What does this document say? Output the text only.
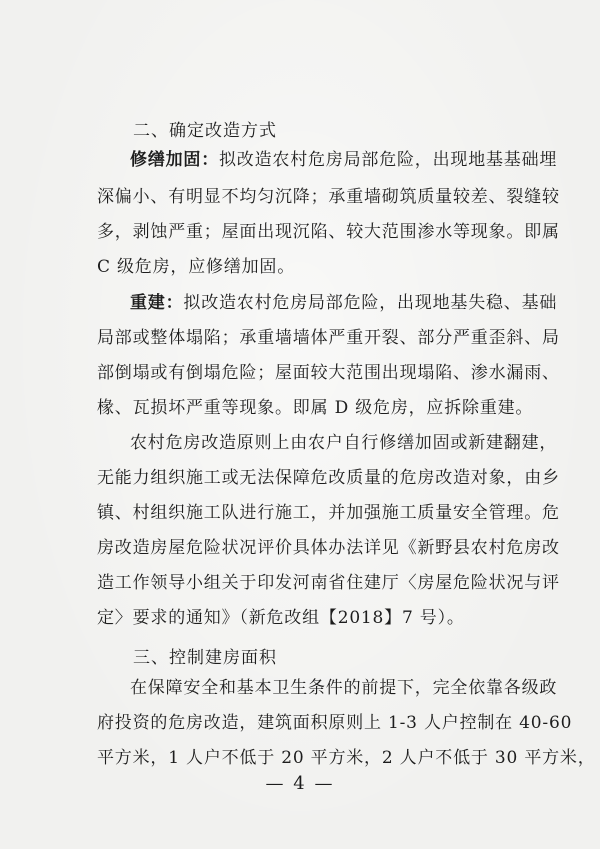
二、确定改造方式
修缮加固：拟改造农村危房局部危险，出现地基基础埋
深偏小、有明显不均匀沉降；承重墙砌筑质量较差、裂缝较
多，剥蚀严重；屋面出现沉陷、较大范围渗水等现象。即属
C 级危房，应修缮加固。
重建：拟改造农村危房局部危险，出现地基失稳、基础
局部或整体塌陷；承重墙墙体严重开裂、部分严重歪斜、局
部倒塌或有倒塌危险；屋面较大范围出现塌陷、渗水漏雨、
椽、瓦损坏严重等现象。即属 D 级危房，应拆除重建。
农村危房改造原则上由农户自行修缮加固或新建翻建，
无能力组织施工或无法保障危改质量的危房改造对象，由乡
镇、村组织施工队进行施工，并加强施工质量安全管理。危
房改造房屋危险状况评价具体办法详见《新野县农村危房改
造工作领导小组关于印发河南省住建厅〈房屋危险状况与评
定〉要求的通知》（新危改组【2018】7 号）。
三、控制建房面积
在保障安全和基本卫生条件的前提下，完全依靠各级政
府投资的危房改造，建筑面积原则上 1-3 人户控制在 40-60
平方米，1 人户不低于 20 平方米，2 人户不低于 30 平方米，
— 4 —
